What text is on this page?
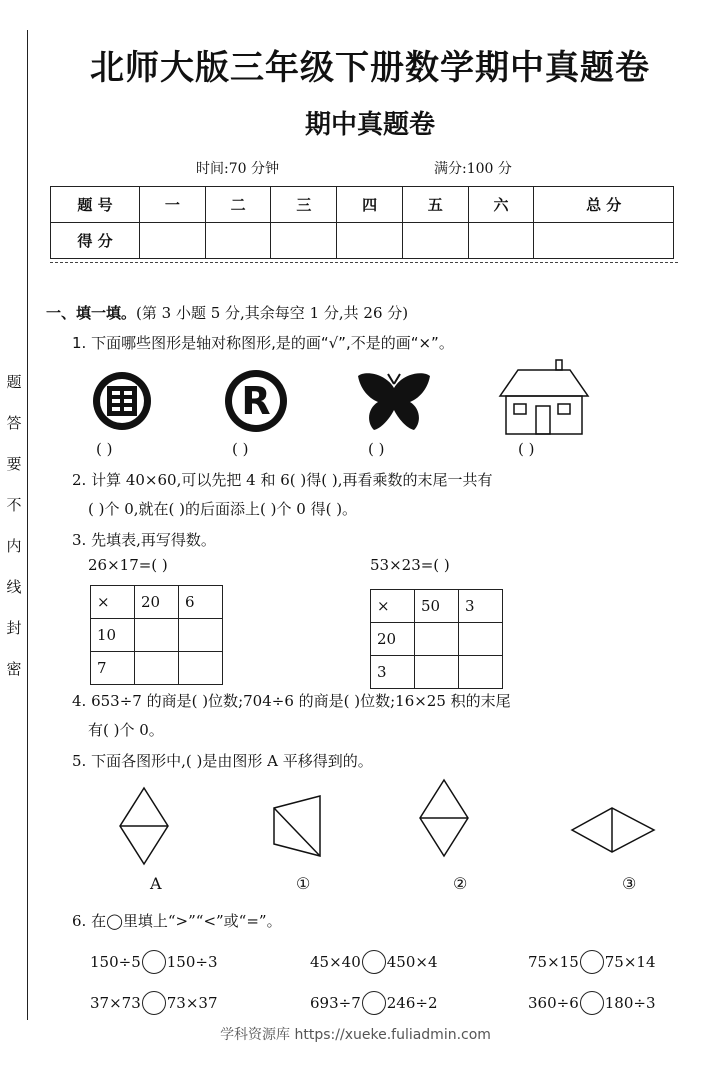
题
答
要
不
内
线
封
密
北师大版三年级下册数学期中真题卷
期中真题卷
时间:70 分钟	满分:100 分
题 号	一	二	三	四	五	六	总 分
得 分							
一、填一填。(第 3 小题 5 分,其余每空 1 分,共 26 分)
1. 下面哪些图形是轴对称图形,是的画“√”,不是的画“×”。
R
( )	( )	( )	( )
2. 计算 40×60,可以先把 4 和 6( )得( ),再看乘数的末尾一共有
( )个 0,就在( )的后面添上( )个 0 得( )。
3. 先填表,再写得数。
26×17=( )	53×23=( )
×	20	6
10		
7		
×	50	3
20		
3		
4. 653÷7 的商是( )位数;704÷6 的商是( )位数;16×25 积的末尾
有( )个 0。
5. 下面各图形中,( )是由图形 A 平移得到的。
A	①	②	③
6. 在◯里填上“>”“<”或“=”。
150÷5 150÷3	45×40 450×4	75×15 75×14
37×73 73×37	693÷7 246÷2	360÷6 180÷3
学科资源库 https://xueke.fuliadmin.com
